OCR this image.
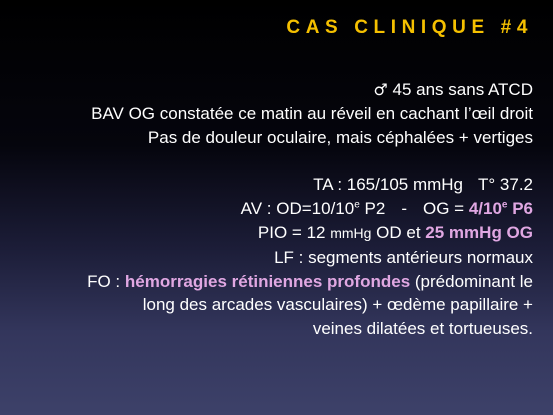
CAS CLINIQUE #4
♂ 45 ans sans ATCD
BAV OG constatée ce matin au réveil en cachant l’œil droit
Pas de douleur oculaire, mais céphalées + vertiges
TA : 165/105 mmHg T° 37.2
AV : $OD=10/10^e$ P2 - OG = $4/10^e$ P6
PIO = 12 mmHg OD et 25 mmHg OG
LF : segments antérieurs normaux
FO : hémorragies rétiniennes profondes (prédominant le
long des arcades vasculaires) + œdème papillaire +
veines dilatées et tortueuses.
